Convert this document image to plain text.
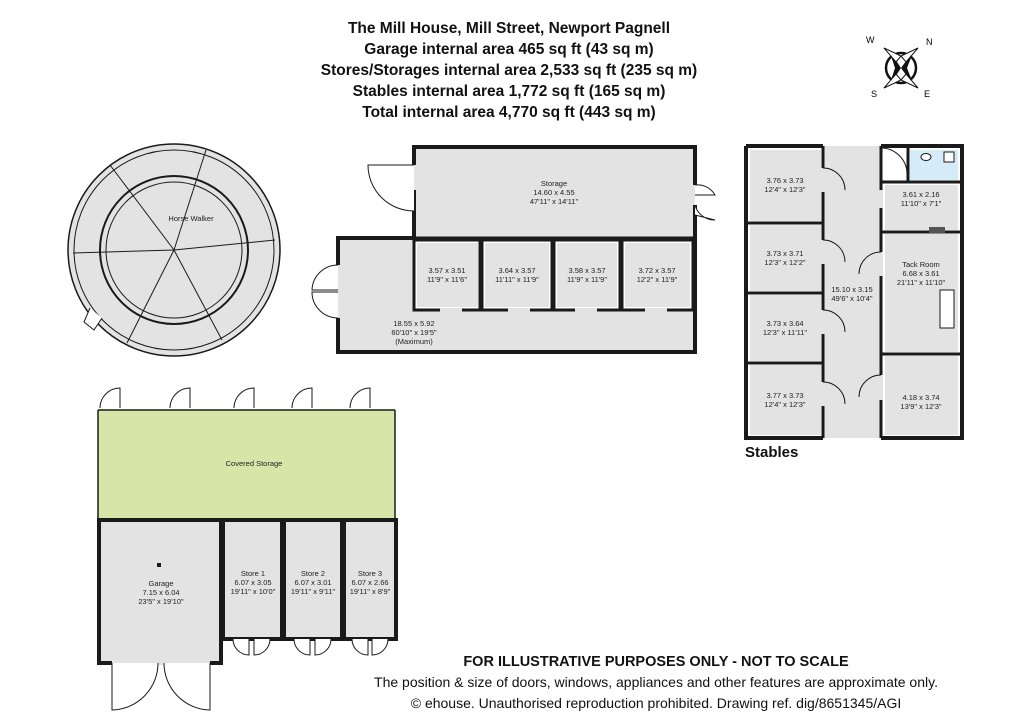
The Mill House, Mill Street, Newport Pagnell
Garage internal area 465 sq ft (43 sq m)
Stores/Storages internal area 2,533 sq ft (235 sq m)
Stables internal area 1,772 sq ft (165 sq m)
Total internal area 4,770 sq ft (443 sq m)
N
E
S
W
Horse Walker
Storage
14.60 x 4.55
47'11" x 14'11"
3.57 x 3.51
11'9" x 11'6"
3.64 x 3.57
11'11" x 11'9"
3.58 x 3.57
11'9" x 11'9"
3.72 x 3.57
12'2" x 11'9"
18.55 x 5.92
60'10" x 19'5"
(Maximum)
3.76 x 3.73
12'4" x 12'3"
3.73 x 3.71
12'3" x 12'2"
3.73 x 3.64
12'3" x 11'11"
3.77 x 3.73
12'4" x 12'3"
15.10 x 3.15
49'6" x 10'4"
3.61 x 2.16
11'10" x 7'1"
Tack Room
6.68 x 3.61
21'11" x 11'10"
4.18 x 3.74
13'9" x 12'3"
Covered Storage
Garage
7.15 x 6.04
23'5" x 19'10"
Store 1
6.07 x 3.05
19'11" x 10'0"
Store 2
6.07 x 3.01
19'11" x 9'11"
Store 3
6.07 x 2.66
19'11" x 8'9"
Stables
FOR ILLUSTRATIVE PURPOSES ONLY - NOT TO SCALE
The position & size of doors, windows, appliances and other features are approximate only.
© ehouse. Unauthorised reproduction prohibited. Drawing ref. dig/8651345/AGI
